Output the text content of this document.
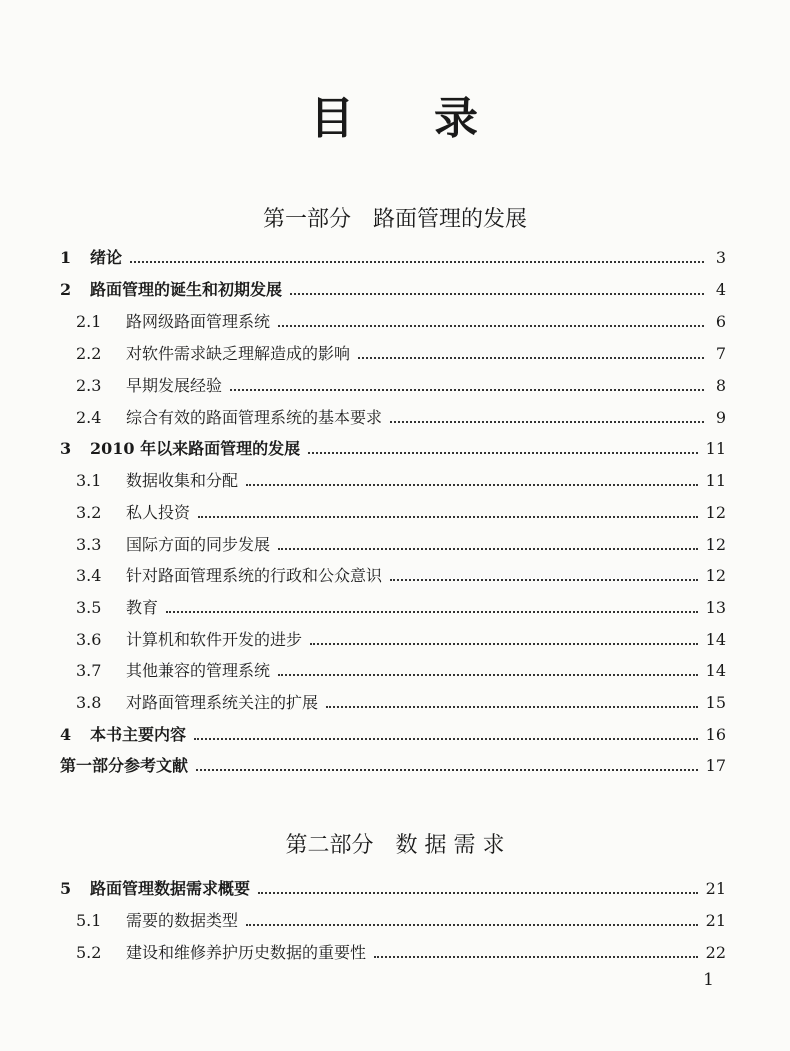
目 录
第一部分　路面管理的发展
1	绪论	3
2	路面管理的诞生和初期发展	4
2.1	路网级路面管理系统	6
2.2	对软件需求缺乏理解造成的影响	7
2.3	早期发展经验	8
2.4	综合有效的路面管理系统的基本要求	9
3	2010 年以来路面管理的发展	11
3.1	数据收集和分配	11
3.2	私人投资	12
3.3	国际方面的同步发展	12
3.4	针对路面管理系统的行政和公众意识	12
3.5	教育	13
3.6	计算机和软件开发的进步	14
3.7	其他兼容的管理系统	14
3.8	对路面管理系统关注的扩展	15
4	本书主要内容	16
第一部分参考文献	17
第二部分　数 据 需 求
5	路面管理数据需求概要	21
5.1	需要的数据类型	21
5.2	建设和维修养护历史数据的重要性	22
1
